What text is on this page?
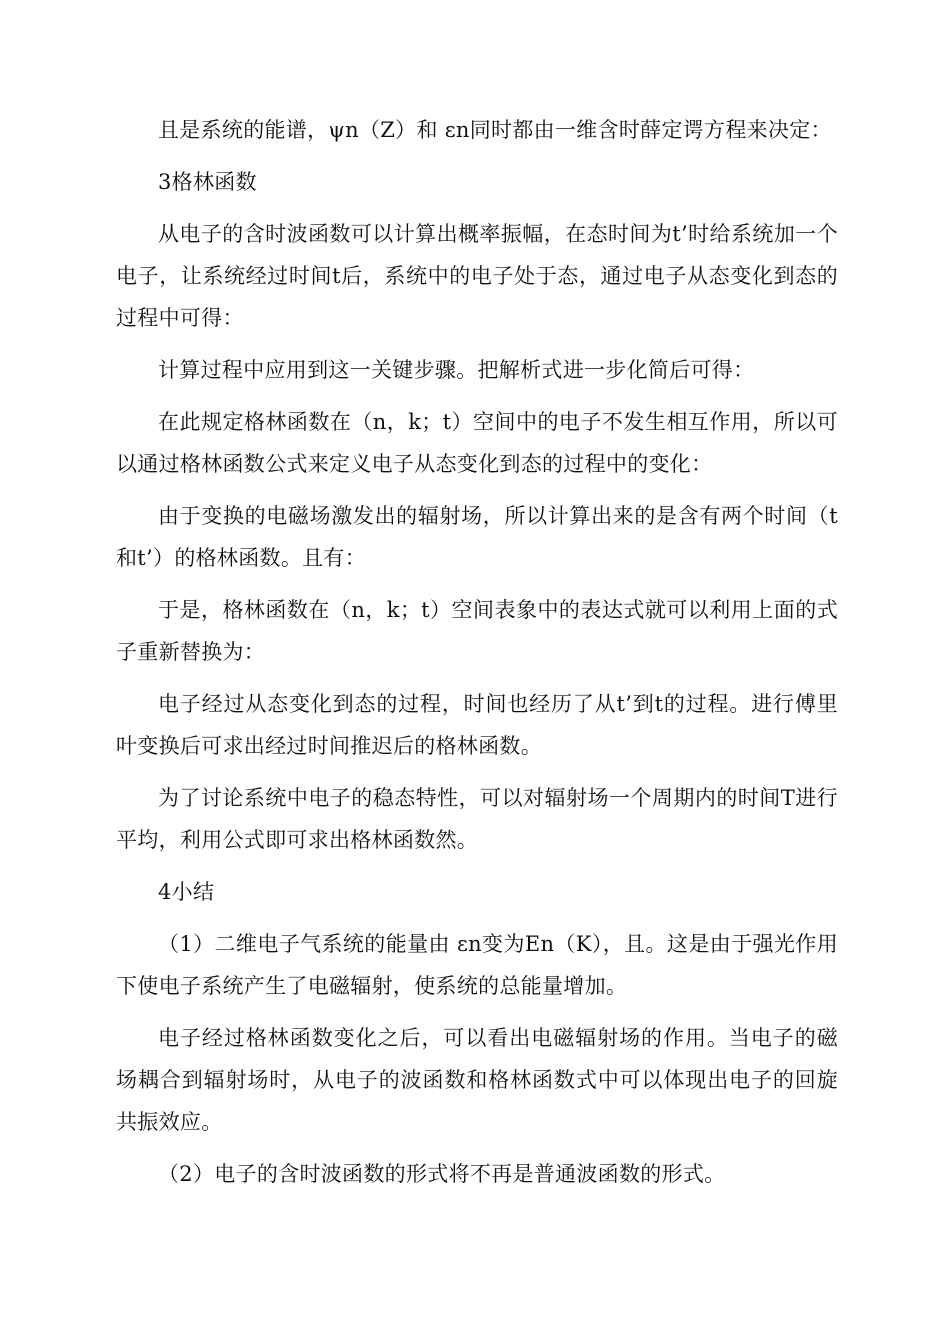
且是系统的能谱，ψn（Z）和 εn同时都由一维含时薛定谔方程来决定：

3格林函数

从电子的含时波函数可以计算出概率振幅，在态时间为t’时给系统加一个电子，让系统经过时间t后，系统中的电子处于态，通过电子从态变化到态的过程中可得：

计算过程中应用到这一关键步骤。把解析式进一步化简后可得：

在此规定格林函数在（n，k；t）空间中的电子不发生相互作用，所以可以通过格林函数公式来定义电子从态变化到态的过程中的变化：

由于变换的电磁场激发出的辐射场，所以计算出来的是含有两个时间（t和t’）的格林函数。且有：

于是，格林函数在（n，k；t）空间表象中的表达式就可以利用上面的式子重新替换为：

电子经过从态变化到态的过程，时间也经历了从t’到t的过程。进行傅里叶变换后可求出经过时间推迟后的格林函数。

为了讨论系统中电子的稳态特性，可以对辐射场一个周期内的时间T进行平均，利用公式即可求出格林函数然。

4小结

（1）二维电子气系统的能量由 εn变为En（K），且。这是由于强光作用下使电子系统产生了电磁辐射，使系统的总能量增加。

电子经过格林函数变化之后，可以看出电磁辐射场的作用。当电子的磁场耦合到辐射场时，从电子的波函数和格林函数式中可以体现出电子的回旋共振效应。

（2）电子的含时波函数的形式将不再是普通波函数的形式。
